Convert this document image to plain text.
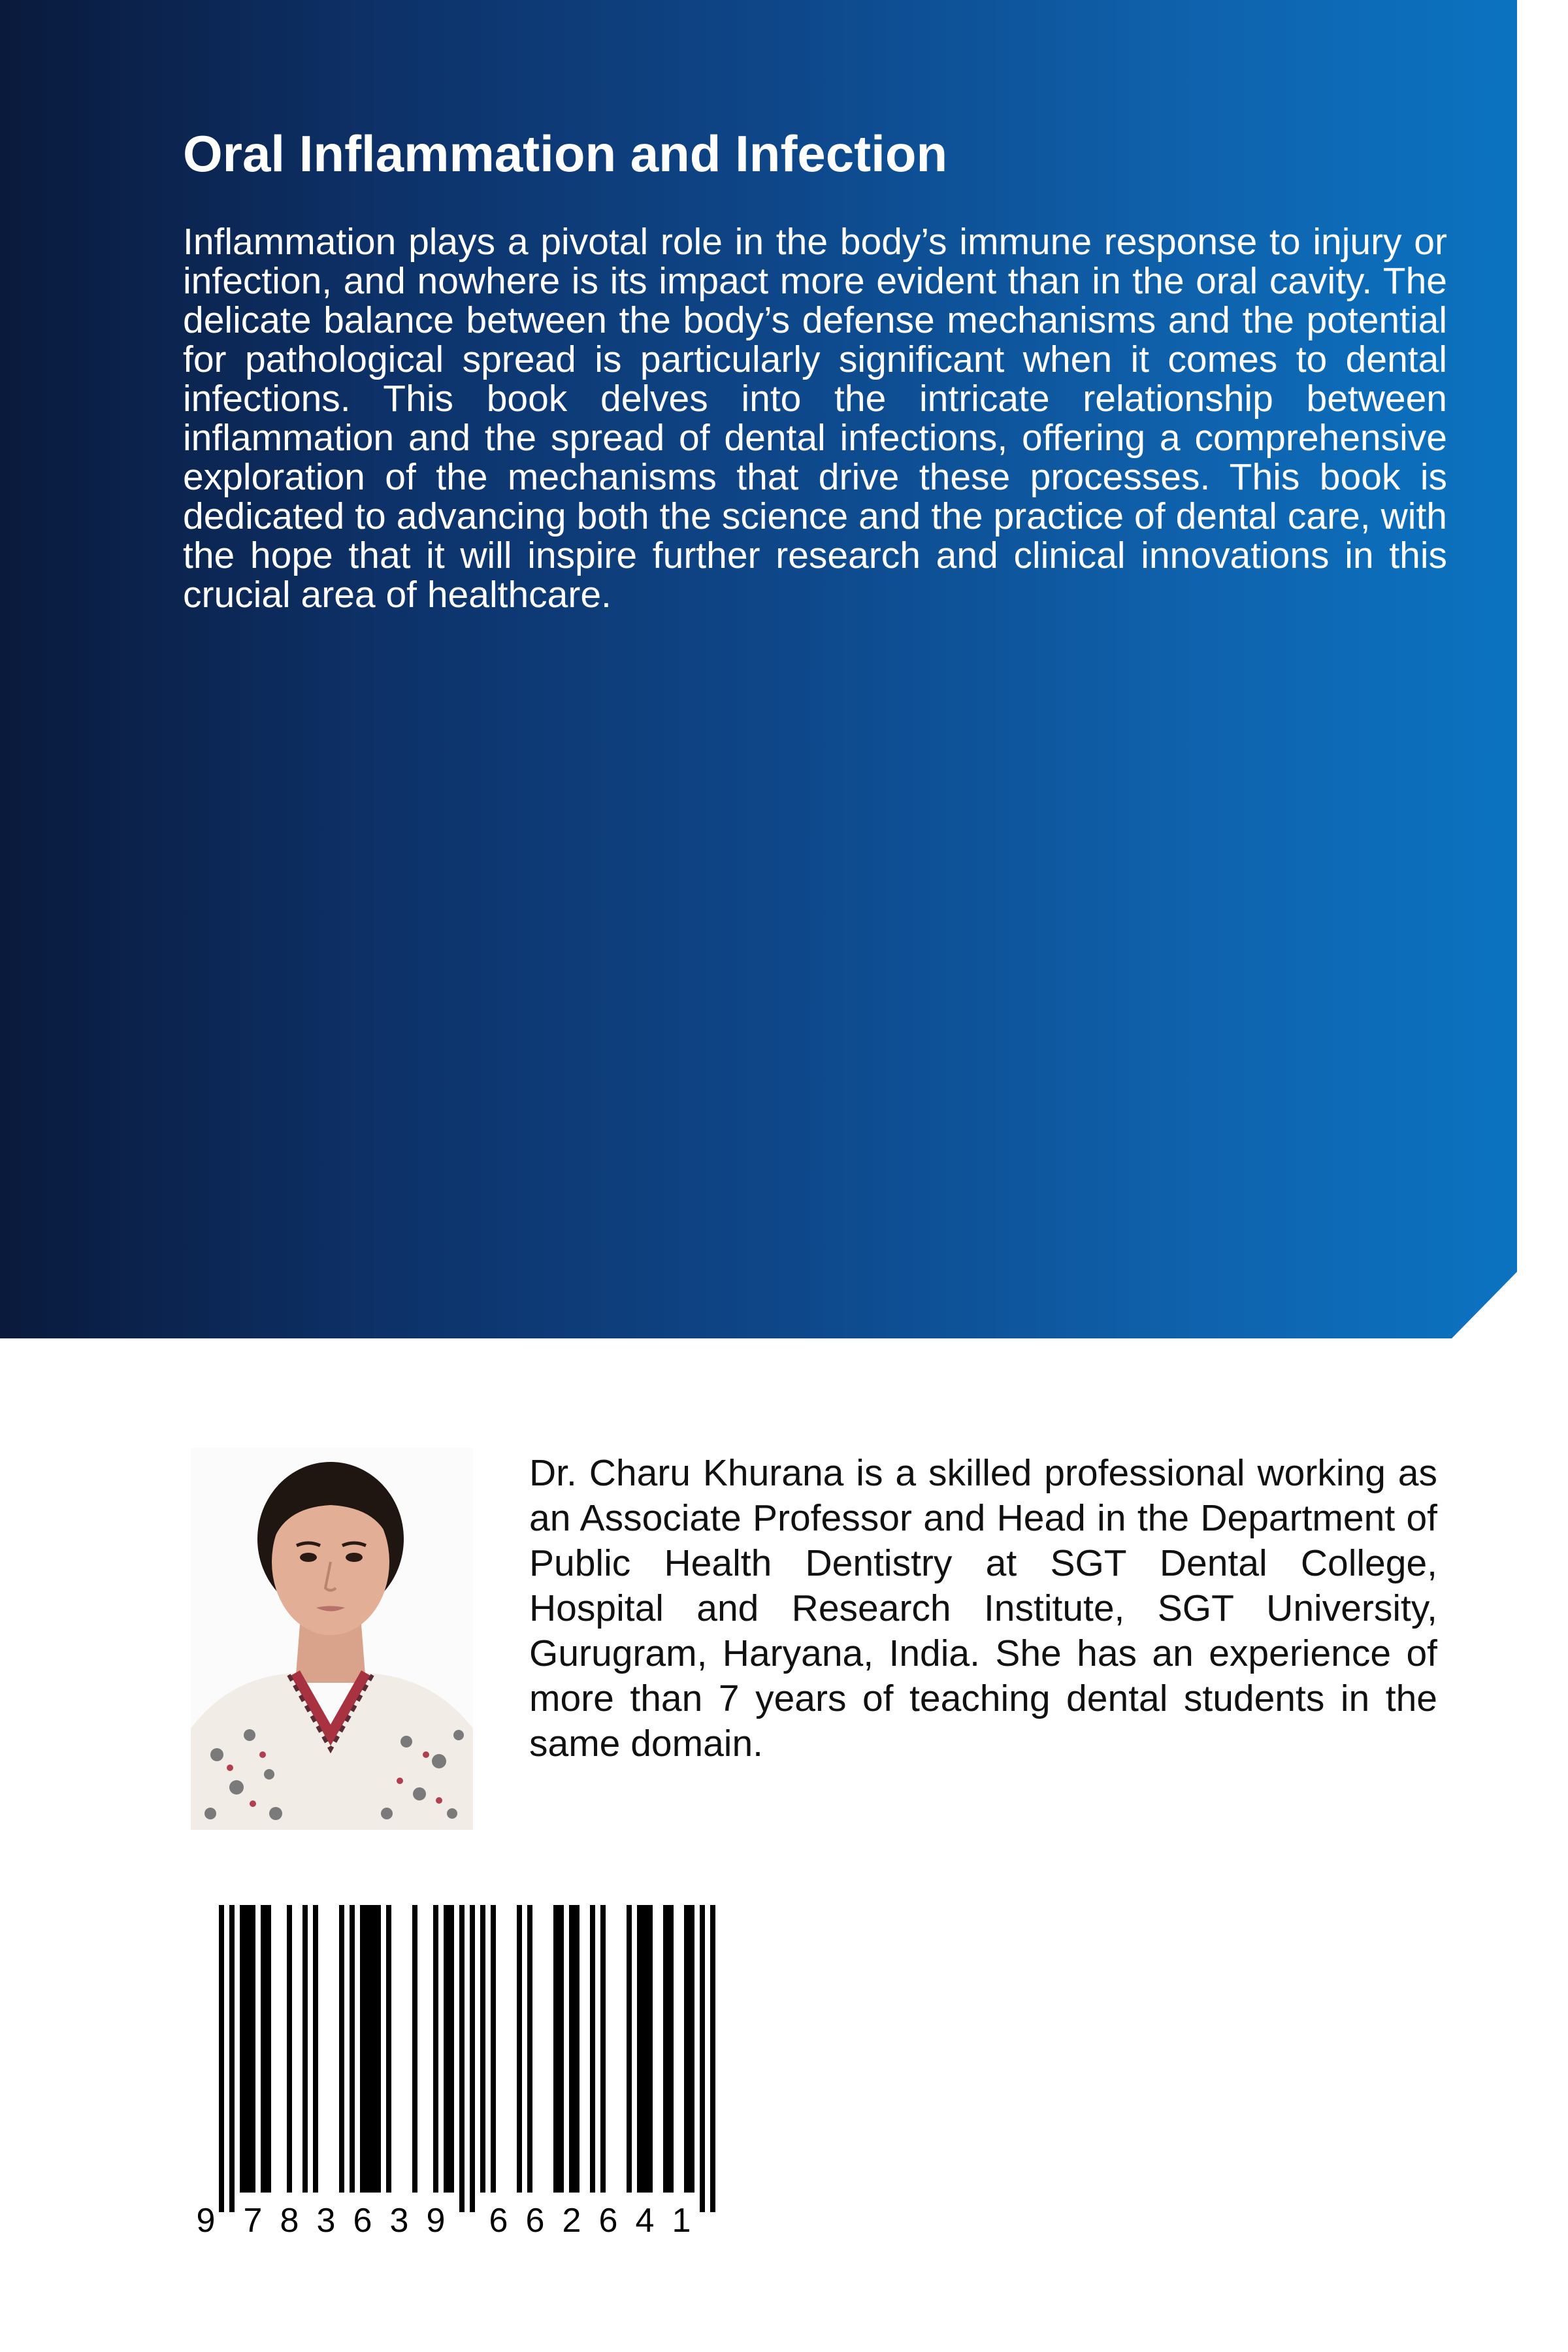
Oral Inflammation and Infection

Inflammation plays a pivotal role in the body’s immune response to injury or infection, and nowhere is its impact more evident than in the oral cavity. The delicate balance between the body’s defense mechanisms and the potential for pathological spread is particularly significant when it comes to dental infections. This book delves into the intricate relationship between inflammation and the spread of dental infections, offering a comprehensive exploration of the mechanisms that drive these processes. This book is dedicated to advancing both the science and the practice of dental care, with the hope that it will inspire further research and clinical innovations in this crucial area of healthcare.

Dr. Charu Khurana is a skilled professional working as an Associate Professor and Head in the Department of Public Health Dentistry at SGT Dental College, Hospital and Research Institute, SGT University, Gurugram, Haryana, India. She has an experience of more than 7 years of teaching dental students in the same domain.

9 7 8 3 6 3 9 6 6 2 6 4 1
